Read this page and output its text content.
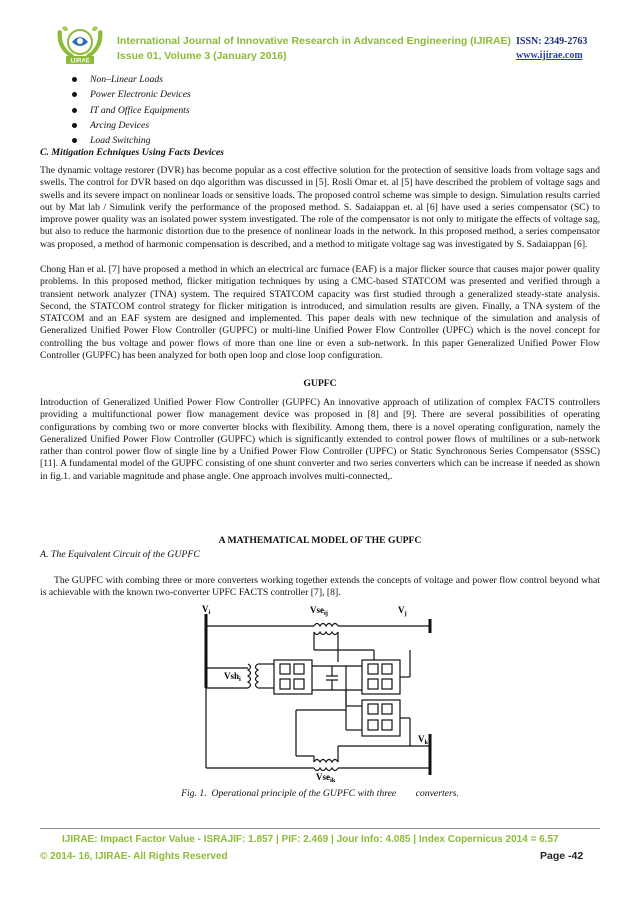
IJIRAE
International Journal of Innovative Research in Advanced Engineering (IJIRAE)
Issue 01, Volume 3 (January 2016)
ISSN: 2349-2763
www.ijirae.com
Non–Linear Loads
Power Electronic Devices
IT and Office Equipments
Arcing Devices
Load Switching
C. Mitigation Echniques Using Facts Devices

The dynamic voltage restorer (DVR) has become popular as a cost effective solution for the protection of sensitive loads from voltage sags and swells. The control for DVR based on dqo algorithm was discussed in [5]. Rosli Omar et. al [5] have described the problem of voltage sags and swells and its severe impact on nonlinear loads or sensitive loads. The proposed control scheme was simple to design. Simulation results carried out by Mat lab / Simulink verify the performance of the proposed method. S. Sadaiappan et. al [6] have used a series compensator (SC) to improve power quality was an isolated power system investigated. The role of the compensator is not only to mitigate the effects of voltage sag, but also to reduce the harmonic distortion due to the presence of nonlinear loads in the network. In this proposed method, a series compensator was proposed, a method of harmonic compensation is described, and a method to mitigate voltage sag was investigated by S. Sadaiappan [6].

Chong Han et al. [7] have proposed a method in which an electrical arc furnace (EAF) is a major flicker source that causes major power quality problems. In this proposed method, flicker mitigation techniques by using a CMC-based STATCOM was presented and verified through a transient network analyzer (TNA) system. The required STATCOM capacity was first studied through a generalized steady-state analysis. Second, the STATCOM control strategy for flicker mitigation is introduced, and simulation results are given. Finally, a TNA system of the STATCOM and an EAF system are designed and implemented. This paper deals with new technique of the simulation and analysis of Generalized Unified Power Flow Controller (GUPFC) or multi-line Unified Power Flow Controller (UPFC) which is the novel concept for controlling the bus voltage and power flows of more than one line or even a sub-network. In this paper Generalized Unified Power Flow Controller (GUPFC) has been analyzed for both open loop and close loop configuration.

GUPFC

Introduction of Generalized Unified Power Flow Controller (GUPFC) An innovative approach of utilization of complex FACTS controllers providing a multifunctional power flow management device was proposed in [8] and [9]. There are several possibilities of operating configurations by combing two or more converter blocks with flexibility. Among them, there is a novel operating configuration, namely the Generalized Unified Power Flow Controller (GUPFC) which is significantly extended to control power flows of multilines or a sub-network rather than control power flow of single line by a Unified Power Flow Controller (UPFC) or Static Synchronous Series Compensator (SSSC) [11]. A fundamental model of the GUPFC consisting of one shunt converter and two series converters which can be increase if needed as shown in fig.1. and variable magnitude and phase angle. One approach involves multi-connected,.

A MATHEMATICAL MODEL OF THE GUPFC
A. The Equivalent Circuit of the GUPFC

The GUPFC with combing three or more converters working together extends the concepts of voltage and power flow control beyond what is achievable with the known two-converter UPFC FACTS controller [7], [8].

$V_i$	Vse$_{ij}$	$V_j$
Vsh$_i$
$V_k$
Vse$_{ik}$
Fig. 1.  Operational principle of the GUPFC with three        converters.
IJIRAE: Impact Factor Value - ISRAJIF: 1.857 | PIF: 2.469 | Jour Info: 4.085 | Index Copernicus 2014 = 6.57
© 2014- 16, IJIRAE- All Rights Reserved	Page -42
